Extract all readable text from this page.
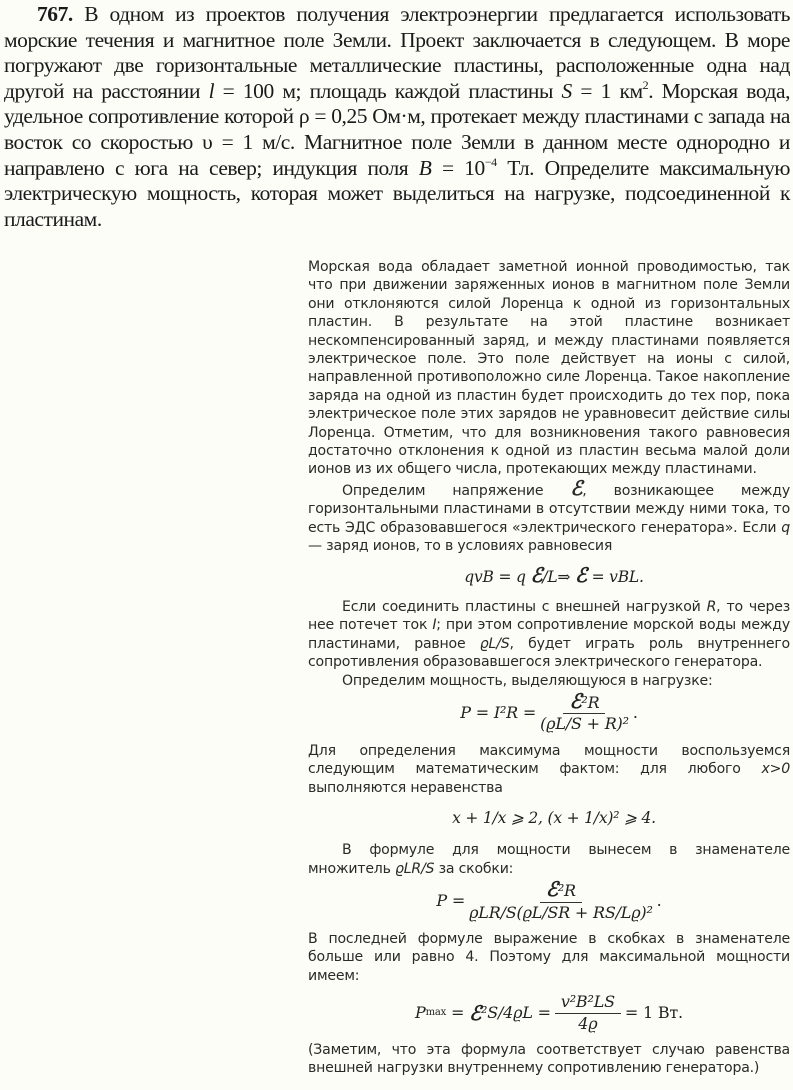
767. В одном из проектов получения электроэнергии предлагается использовать морские течения и магнитное поле Земли. Проект заключается в следующем. В море погружают две горизонтальные металлические пластины, расположенные одна над другой на расстоянии l = 100 м; площадь каждой пластины S = 1 $км^2$. Морская вода, удельное сопротивление которой ρ = 0,25 Ом·м, протекает между пластинами с запада на восток со скоростью υ = 1 м/с. Магнитное поле Земли в данном месте однородно и направлено с юга на север; индукция поля $B = 10^{-4}$ Тл. Определите максимальную электрическую мощность, которая может выделиться на нагрузке, подсоединенной к пластинам.

Морская вода обладает заметной ионной проводимостью, так что при движении заряженных ионов в магнитном поле Земли они отклоняются силой Лоренца к одной из горизонтальных пластин. В результате на этой пластине возникает нескомпенсированный заряд, и между пластинами появляется электрическое поле. Это поле действует на ионы с силой, направленной противоположно силе Лоренца. Такое накопление заряда на одной из пластин будет происходить до тех пор, пока электрическое поле этих зарядов не уравновесит действие силы Лоренца. Отметим, что для возникновения такого равновесия достаточно отклонения к одной из пластин весьма малой доли ионов из их общего числа, протекающих между пластинами.

Определим напряжение ℰ, возникающее между горизонтальными пластинами в отсутствии между ними тока, то есть ЭДС образовавшегося «электрического генератора». Если q — заряд ионов, то в условиях равновесия

qvB = q ℰ/L⇒ ℰ = vBL.

Если соединить пластины с внешней нагрузкой R, то через нее потечет ток I; при этом сопротивление морской воды между пластинами, равное ϱL/S, будет играть роль внутреннего сопротивления образовавшегося электрического генератора.

Определим мощность, выделяющуюся в нагрузке:

$P = I^2R = \frac{\text{ℰ²R}}{\text{(ϱL/S + R)²}}$ .

Для определения максимума мощности воспользуемся следующим математическим фактом: для любого x>0 выполняются неравенства

x + 1/x ⩾ 2, (x + 1/x)² ⩾ 4.

В формуле для мощности вынесем в знаменателе множитель ϱLR/S за скобки:

$P = \frac{\text{ℰ²R}}{\text{ϱLR/S(ϱL/SR + RS/Lϱ)²}}$ .

В последней формуле выражение в скобках в знаменателе больше или равно 4. Поэтому для максимальной мощности имеем:

P max = ℰ $^2S/4ϱL = \frac{\text{v²B²LS}}{4ϱ} = 1$ Вт.

(Заметим, что эта формула соответствует случаю равенства внешней нагрузки внутреннему сопротивлению генератора.)
